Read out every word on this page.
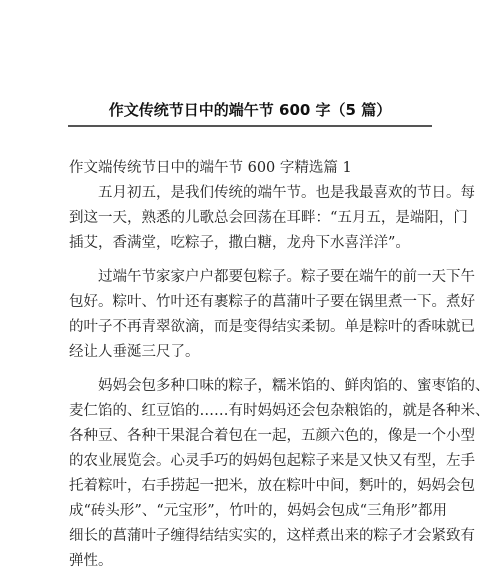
作文传统节日中的端午节 600 字（5 篇）
作文端传统节日中的端午节 600 字精选篇 1

五月初五，是我们传统的端午节。也是我最喜欢的节日。每
到这一天，熟悉的儿歌总会回荡在耳畔：“五月五，是端阳，门
插艾，香满堂，吃粽子，撒白糖，龙舟下水喜洋洋”。

过端午节家家户户都要包粽子。粽子要在端午的前一天下午
包好。粽叶、竹叶还有裹粽子的菖蒲叶子要在锅里煮一下。煮好
的叶子不再青翠欲滴，而是变得结实柔韧。单是粽叶的香味就已
经让人垂涎三尺了。

妈妈会包多种口味的粽子，糯米馅的、鲜肉馅的、蜜枣馅的、
麦仁馅的、红豆馅的……有时妈妈还会包杂粮馅的，就是各种米、
各种豆、各种干果混合着包在一起，五颜六色的，像是一个小型
的农业展览会。心灵手巧的妈妈包起粽子来是又快又有型，左手
托着粽叶，右手捞起一把米，放在粽叶中间，麫叶的，妈妈会包
成“砖头形”、“元宝形”，竹叶的，妈妈会包成“三角形”都用
细长的菖蒲叶子缠得结结实实的，这样煮出来的粽子才会紧致有
弹性。
